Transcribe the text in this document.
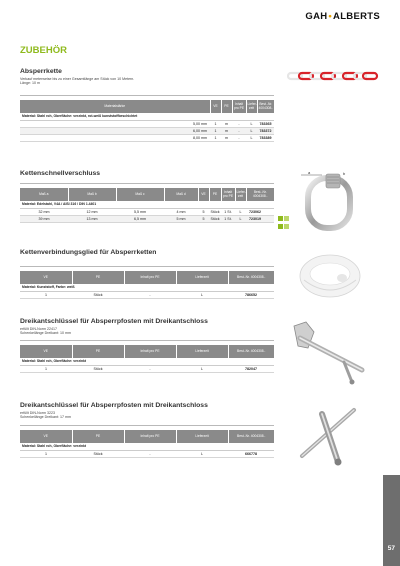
GAH•ALBERTS
ZUBEHÖR
Absperrkette
Verkauf meterweise bis zu einer Gesamtlänge am Stück von 10 Metern.
Länge: 10 m
Materialstärke	VE	PE	Inhalt pro PE	Liefer-zeit	Best.-Nr. 4004308..
Material: Stahl roh, Oberfläche: verzinkt, rot-weiß kunststoffbeschichtet					
5,00 mm	1	m	-	L	783365
6,00 mm	1	m	-	L	783372
8,00 mm	1	m	-	L	783389
Kettenschnellverschluss
Maß a	Maß b	Maß c	Maß d	VE	PE	Inhalt pro PE	Liefer-zeit	Best.-Nr. 4004308..
Material: Edelstahl, V4A / AISI 316 / DIN 1.4401								
32 mm	12 mm	5,5 mm	4 mm	5	Stück	1 St.	L	723062
39 mm	13 mm	6,5 mm	5 mm	5	Stück	1 St.	L	723019
a	b
Kettenverbindungsglied für Absperrketten
VE	PE	Inhalt pro PE	Lieferzeit	Best.-Nr. 4004308..
Material: Kunststoff, Farbe: weiß				
1	Stück	-	L	786652
Dreikantschlüssel für Absperrpfosten mit Dreikantschloss
erfüllt DIN-Norm 22417
Schenkellänge Dreikant: 10 mm
VE	PE	Inhalt pro PE	Lieferzeit	Best.-Nr. 4004308..
Material: Stahl roh, Oberfläche: verzinkt				
1	Stück	-	L	782047
Dreikantschlüssel für Absperrpfosten mit Dreikantschloss
erfüllt DIN-Norm 3223
Schenkellänge Dreikant: 17 mm
VE	PE	Inhalt pro PE	Lieferzeit	Best.-Nr. 4004308..
Material: Stahl roh, Oberfläche: verzinkt				
1	Stück	-	L	666778
57
